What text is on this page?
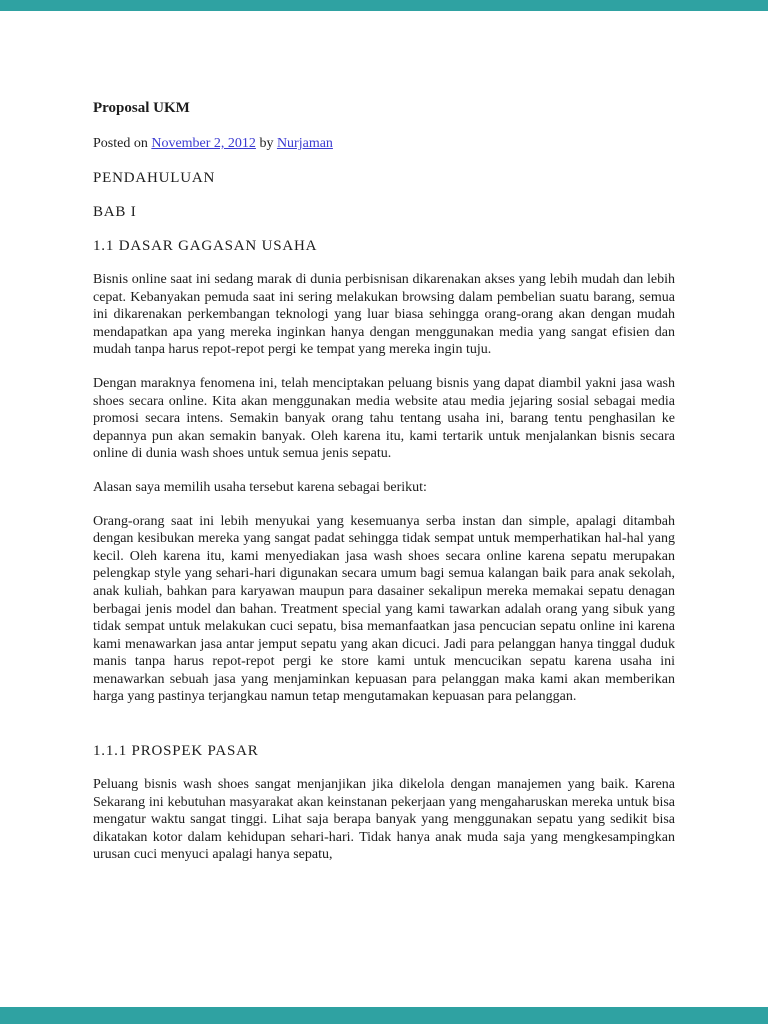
Proposal UKM
Posted on November 2, 2012 by Nurjaman
PENDAHULUAN
BAB I
1.1 DASAR GAGASAN USAHA

Bisnis online saat ini sedang marak di dunia perbisnisan dikarenakan akses yang lebih mudah dan lebih cepat. Kebanyakan pemuda saat ini sering melakukan browsing dalam pembelian suatu barang, semua ini dikarenakan perkembangan teknologi yang luar biasa sehingga orang-orang akan dengan mudah mendapatkan apa yang mereka inginkan hanya dengan menggunakan media yang sangat efisien dan mudah tanpa harus repot-repot pergi ke tempat yang mereka ingin tuju.

Dengan maraknya fenomena ini, telah menciptakan peluang bisnis yang dapat diambil yakni jasa wash shoes secara online. Kita akan menggunakan media website atau media jejaring sosial sebagai media promosi secara intens. Semakin banyak orang tahu tentang usaha ini, barang tentu penghasilan ke depannya pun akan semakin banyak. Oleh karena itu, kami tertarik untuk menjalankan bisnis secara online di dunia wash shoes untuk semua jenis sepatu.

Alasan saya memilih usaha tersebut karena sebagai berikut:

Orang-orang saat ini lebih menyukai yang kesemuanya serba instan dan simple, apalagi ditambah dengan kesibukan mereka yang sangat padat sehingga tidak sempat untuk memperhatikan hal-hal yang kecil. Oleh karena itu, kami menyediakan jasa wash shoes secara online karena sepatu merupakan pelengkap style yang sehari-hari digunakan secara umum bagi semua kalangan baik para anak sekolah, anak kuliah, bahkan para karyawan maupun para dasainer sekalipun mereka memakai sepatu denagan berbagai jenis model dan bahan. Treatment special yang kami tawarkan adalah orang yang sibuk yang tidak sempat untuk melakukan cuci sepatu, bisa memanfaatkan jasa pencucian sepatu online ini karena kami menawarkan jasa antar jemput sepatu yang akan dicuci. Jadi para pelanggan hanya tinggal duduk manis tanpa harus repot-repot pergi ke store kami untuk mencucikan sepatu karena usaha ini menawarkan sebuah jasa yang menjaminkan kepuasan para pelanggan maka kami akan memberikan harga yang pastinya terjangkau namun tetap mengutamakan kepuasan para pelanggan.

1.1.1 PROSPEK PASAR

Peluang bisnis wash shoes sangat menjanjikan jika dikelola dengan manajemen yang baik. Karena Sekarang ini kebutuhan masyarakat akan keinstanan pekerjaan yang mengaharuskan mereka untuk bisa mengatur waktu sangat tinggi. Lihat saja berapa banyak yang menggunakan sepatu yang sedikit bisa dikatakan kotor dalam kehidupan sehari-hari. Tidak hanya anak muda saja yang mengkesampingkan urusan cuci menyuci apalagi hanya sepatu,
